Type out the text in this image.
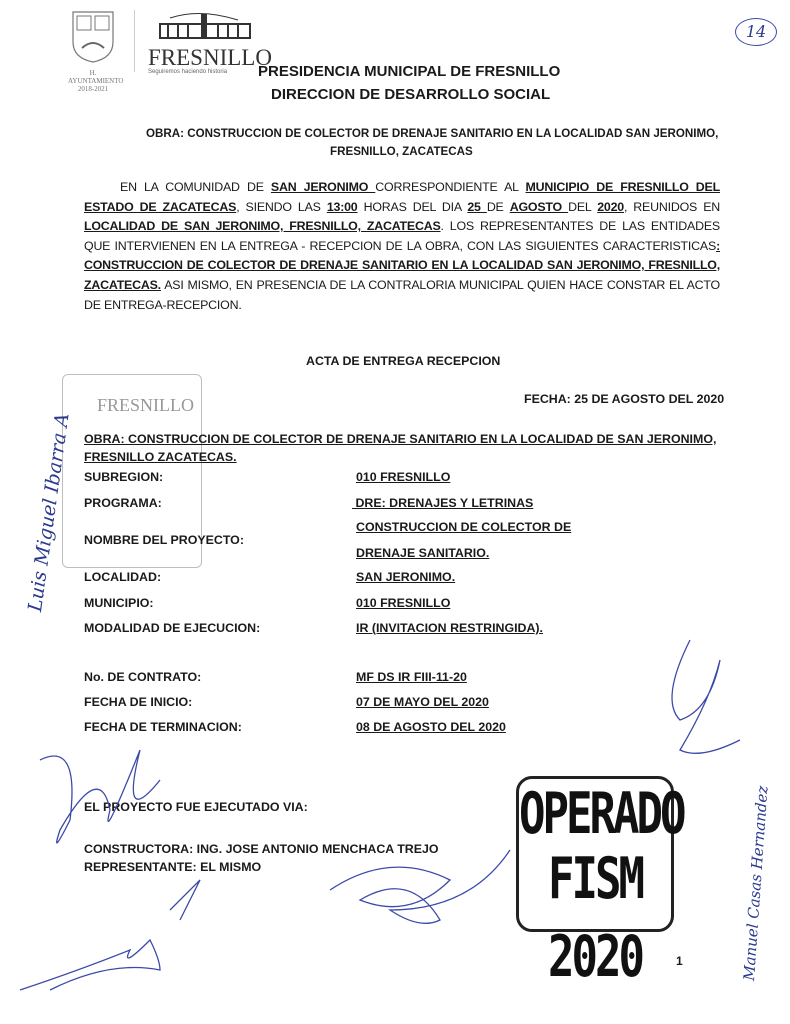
H. AYUNTAMIENTO 2018-2021
FRESNILLO
Seguiremos haciendo historia	PRESIDENCIA MUNICIPAL DE FRESNILLO
DIRECCION DE DESARROLLO SOCIAL
14
OBRA: CONSTRUCCION DE COLECTOR DE DRENAJE SANITARIO EN LA LOCALIDAD SAN JERONIMO,
FRESNILLO, ZACATECAS
EN LA COMUNIDAD DE SAN JERONIMO CORRESPONDIENTE AL MUNICIPIO DE FRESNILLO DEL ESTADO DE ZACATECAS, SIENDO LAS 13:00 HORAS DEL DIA 25 DE AGOSTO DEL 2020, REUNIDOS EN LOCALIDAD DE SAN JERONIMO, FRESNILLO, ZACATECAS. LOS REPRESENTANTES DE LAS ENTIDADES QUE INTERVIENEN EN LA ENTREGA - RECEPCION DE LA OBRA, CON LAS SIGUIENTES CARACTERISTICAS: CONSTRUCCION DE COLECTOR DE DRENAJE SANITARIO EN LA LOCALIDAD SAN JERONIMO, FRESNILLO, ZACATECAS. ASI MISMO, EN PRESENCIA DE LA CONTRALORIA MUNICIPAL QUIEN HACE CONSTAR EL ACTO DE ENTREGA-RECEPCION.
ACTA DE ENTREGA RECEPCION
FECHA: 25 DE AGOSTO DEL 2020
FRESNILLO
OBRA: CONSTRUCCION DE COLECTOR DE DRENAJE SANITARIO EN LA LOCALIDAD DE SAN JERONIMO,
FRESNILLO ZACATECAS.
SUBREGION:	010 FRESNILLO
PROGRAMA:	DRE: DRENAJES Y LETRINAS
NOMBRE DEL PROYECTO:
CONSTRUCCION DE COLECTOR DE
DRENAJE SANITARIO.
LOCALIDAD:	SAN JERONIMO.
MUNICIPIO:	010 FRESNILLO
MODALIDAD DE EJECUCION:	IR (INVITACION RESTRINGIDA).
No. DE CONTRATO:	MF DS IR FIII-11-20
FECHA DE INICIO:	07 DE MAYO DEL 2020
FECHA DE TERMINACION:	08 DE AGOSTO DEL 2020
EL PROYECTO FUE EJECUTADO VIA:
CONSTRUCTORA: ING. JOSE ANTONIO MENCHACA TREJO
REPRESENTANTE: EL MISMO
OPERADO
FISM 2020
Luis Miguel Ibarra A
Manuel Casas Hernandez
1
